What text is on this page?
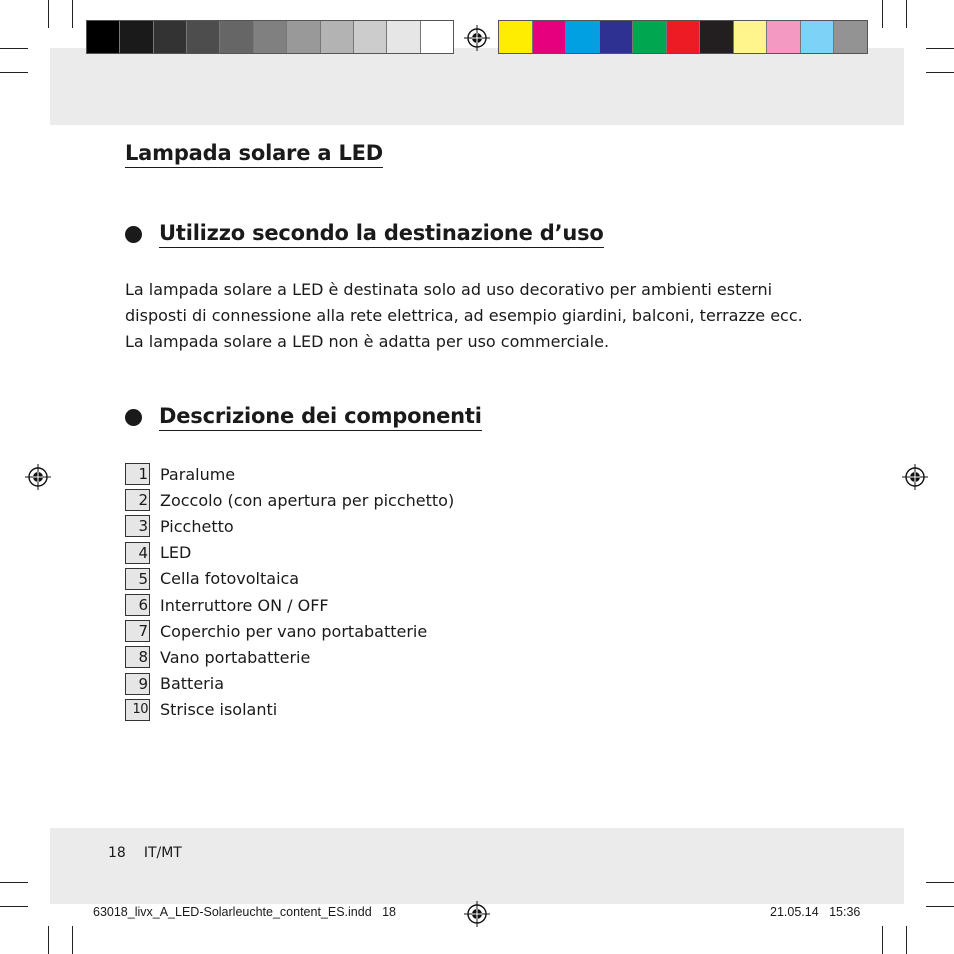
Lampada solare a LED
Utilizzo secondo la destinazione d’uso

La lampada solare a LED è destinata solo ad uso decorativo per ambienti esterni

disposti di connessione alla rete elettrica, ad esempio giardini, balconi, terrazze ecc.

La lampada solare a LED non è adatta per uso commerciale.

Descrizione dei componenti
1 Paralume
2 Zoccolo (con apertura per picchetto)
3 Picchetto
4 LED
5 Cella fotovoltaica
6 Interruttore ON / OFF
7 Coperchio per vano portabatterie
8 Vano portabatterie
9 Batteria
10 Strisce isolanti
18 IT/MT
63018_livx_A_LED-Solarleuchte_content_ES.indd 18	21.05.14 15:36
